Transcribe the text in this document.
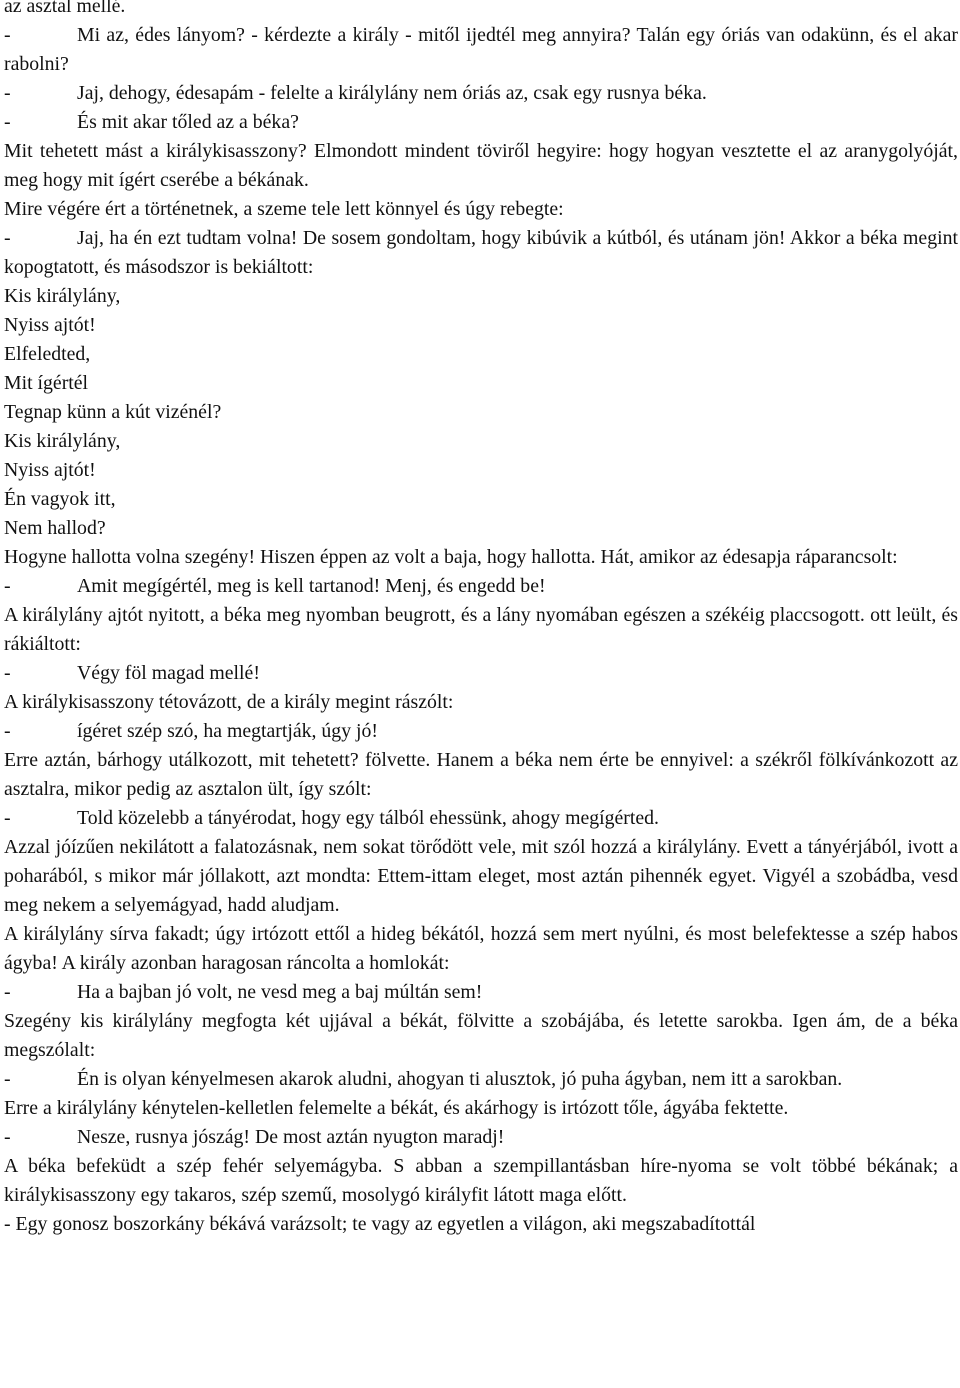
az asztal mellé.

-	Mi az, édes lányom? - kérdezte a király - mitől ijedtél meg annyira? Talán egy óriás van odakünn, és el akar rabolni?

-	Jaj, dehogy, édesapám - felelte a királylány nem óriás az, csak egy rusnya béka.

-	És mit akar tőled az a béka?

Mit tehetett mást a királykisasszony? Elmondott mindent töviről hegyire: hogy hogyan vesztette el az aranygolyóját, meg hogy mit ígért cserébe a békának.

Mire végére ért a történetnek, a szeme tele lett könnyel és úgy rebegte:

-	Jaj, ha én ezt tudtam volna! De sosem gondoltam, hogy kibúvik a kútból, és utánam jön! Akkor a béka megint kopogtatott, és másodszor is bekiáltott:

Kis királylány,

Nyiss ajtót!

Elfeledted,

Mit ígértél

Tegnap künn a kút vizénél?

Kis királylány,

Nyiss ajtót!

Én vagyok itt,

Nem hallod?

Hogyne hallotta volna szegény! Hiszen éppen az volt a baja, hogy hallotta. Hát, amikor az édesapja ráparancsolt:

-	Amit megígértél, meg is kell tartanod! Menj, és engedd be!

A királylány ajtót nyitott, a béka meg nyomban beugrott, és a lány nyomában egészen a székéig placcsogott. ott leült, és rákiáltott:

-	Végy föl magad mellé!

A királykisasszony tétovázott, de a király megint rászólt:

-	ígéret szép szó, ha megtartják, úgy jó!

Erre aztán, bárhogy utálkozott, mit tehetett? fölvette. Hanem a béka nem érte be ennyivel: a székről fölkívánkozott az asztalra, mikor pedig az asztalon ült, így szólt:

-	Told közelebb a tányérodat, hogy egy tálból ehessünk, ahogy megígérted.

Azzal jóízűen nekilátott a falatozásnak, nem sokat törődött vele, mit szól hozzá a királylány. Evett a tányérjából, ivott a poharából, s mikor már jóllakott, azt mondta: Ettem-ittam eleget, most aztán pihennék egyet. Vigyél a szobádba, vesd meg nekem a selyemágyad, hadd aludjam.

A királylány sírva fakadt; úgy irtózott ettől a hideg békától, hozzá sem mert nyúlni, és most belefektesse a szép habos ágyba! A király azonban haragosan ráncolta a homlokát:

-	Ha a bajban jó volt, ne vesd meg a baj múltán sem!

Szegény kis királylány megfogta két ujjával a békát, fölvitte a szobájába, és letette sarokba. Igen ám, de a béka megszólalt:

-	Én is olyan kényelmesen akarok aludni, ahogyan ti alusztok, jó puha ágyban, nem itt a sarokban.

Erre a királylány kénytelen-kelletlen felemelte a békát, és akárhogy is irtózott tőle, ágyába fektette.

-	Nesze, rusnya jószág! De most aztán nyugton maradj!

A béka befeküdt a szép fehér selyemágyba. S abban a szempillantásban híre-nyoma se volt többé békának; a királykisasszony egy takaros, szép szemű, mosolygó királyfit látott maga előtt.

- Egy gonosz boszorkány békává varázsolt; te vagy az egyetlen a világon, aki megszabadítottál
